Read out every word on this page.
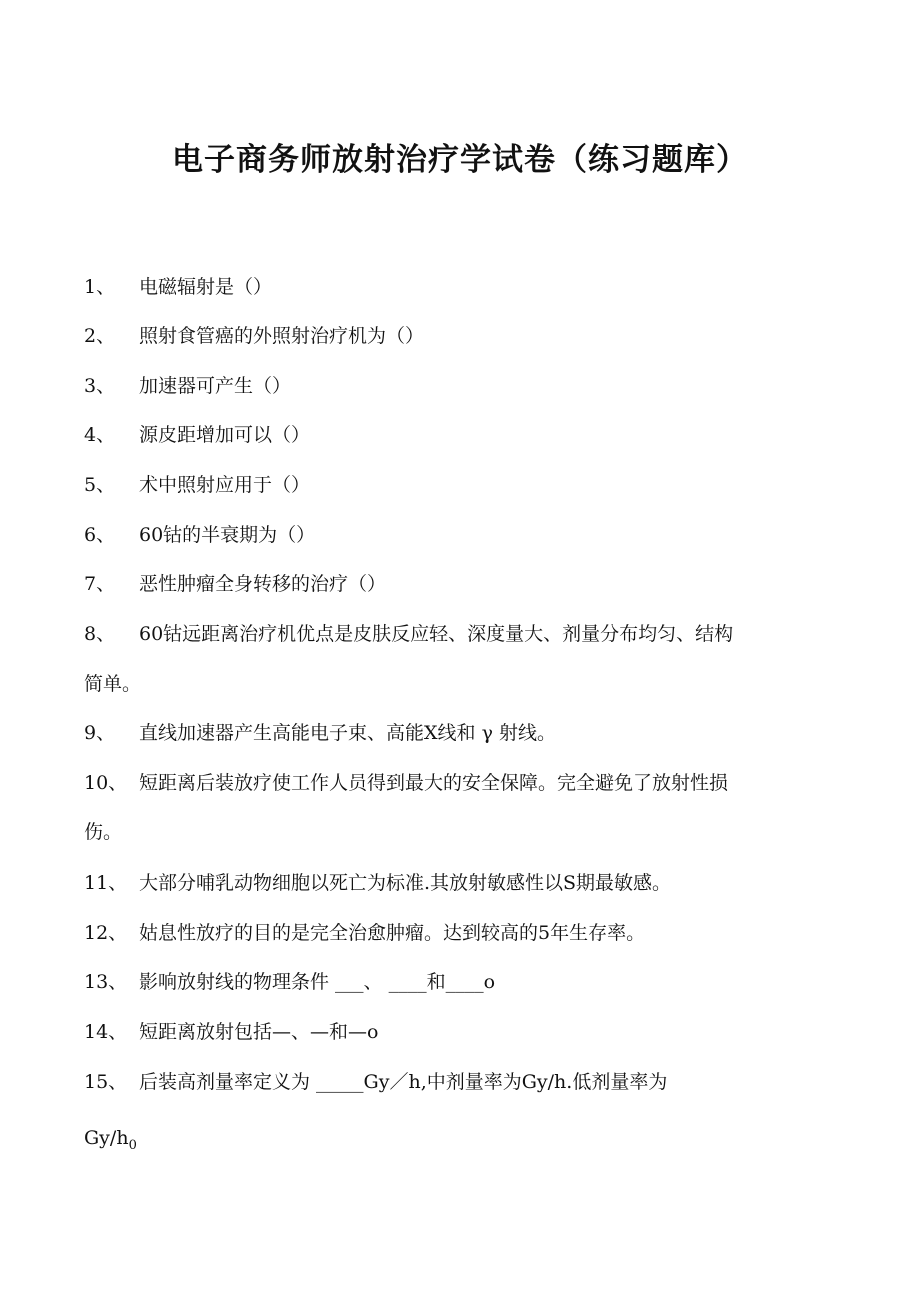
电子商务师放射治疗学试卷（练习题库）
1、 电磁辐射是（）
2、 照射食管癌的外照射治疗机为（）
3、 加速器可产生（）
4、 源皮距增加可以（）
5、 术中照射应用于（）
6、 60钴的半衰期为（）
7、 恶性肿瘤全身转移的治疗（）
8、 60钴远距离治疗机优点是皮肤反应轻、深度量大、剂量分布均匀、结构
简单。
9、 直线加速器产生高能电子束、高能X线和 γ 射线。
10、 短距离后装放疗使工作人员得到最大的安全保障。完全避免了放射性损
伤。
11、 大部分哺乳动物细胞以死亡为标准.其放射敏感性以S期最敏感。
12、 姑息性放疗的目的是完全治愈肿瘤。达到较高的5年生存率。
13、 影响放射线的物理条件 ___、 ____和____o
14、 短距离放射包括—、—和—o
15、 后装高剂量率定义为 _____Gy／h,中剂量率为Gy/h.低剂量率为
$Gy/h_0$
